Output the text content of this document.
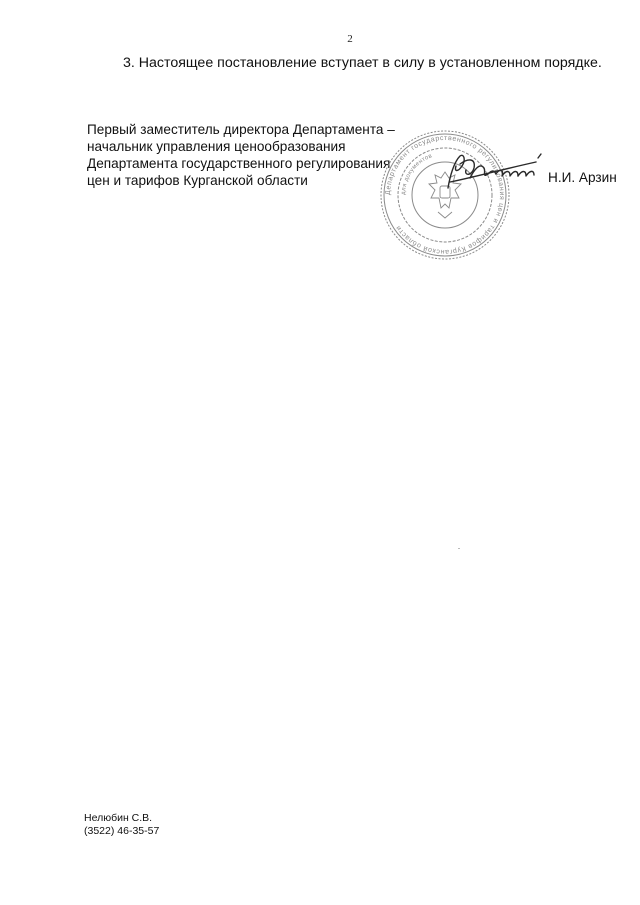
2
3. Настоящее постановление вступает в силу в установленном порядке.
Первый заместитель директора Департамента –
начальник управления ценообразования
Департамента государственного регулирования
цен и тарифов Курганской области
Департамент государственного регулирования цен и тарифов Курганской области
для документов
Н.И. Арзин
Нелюбин С.В.
(3522) 46-35-57
